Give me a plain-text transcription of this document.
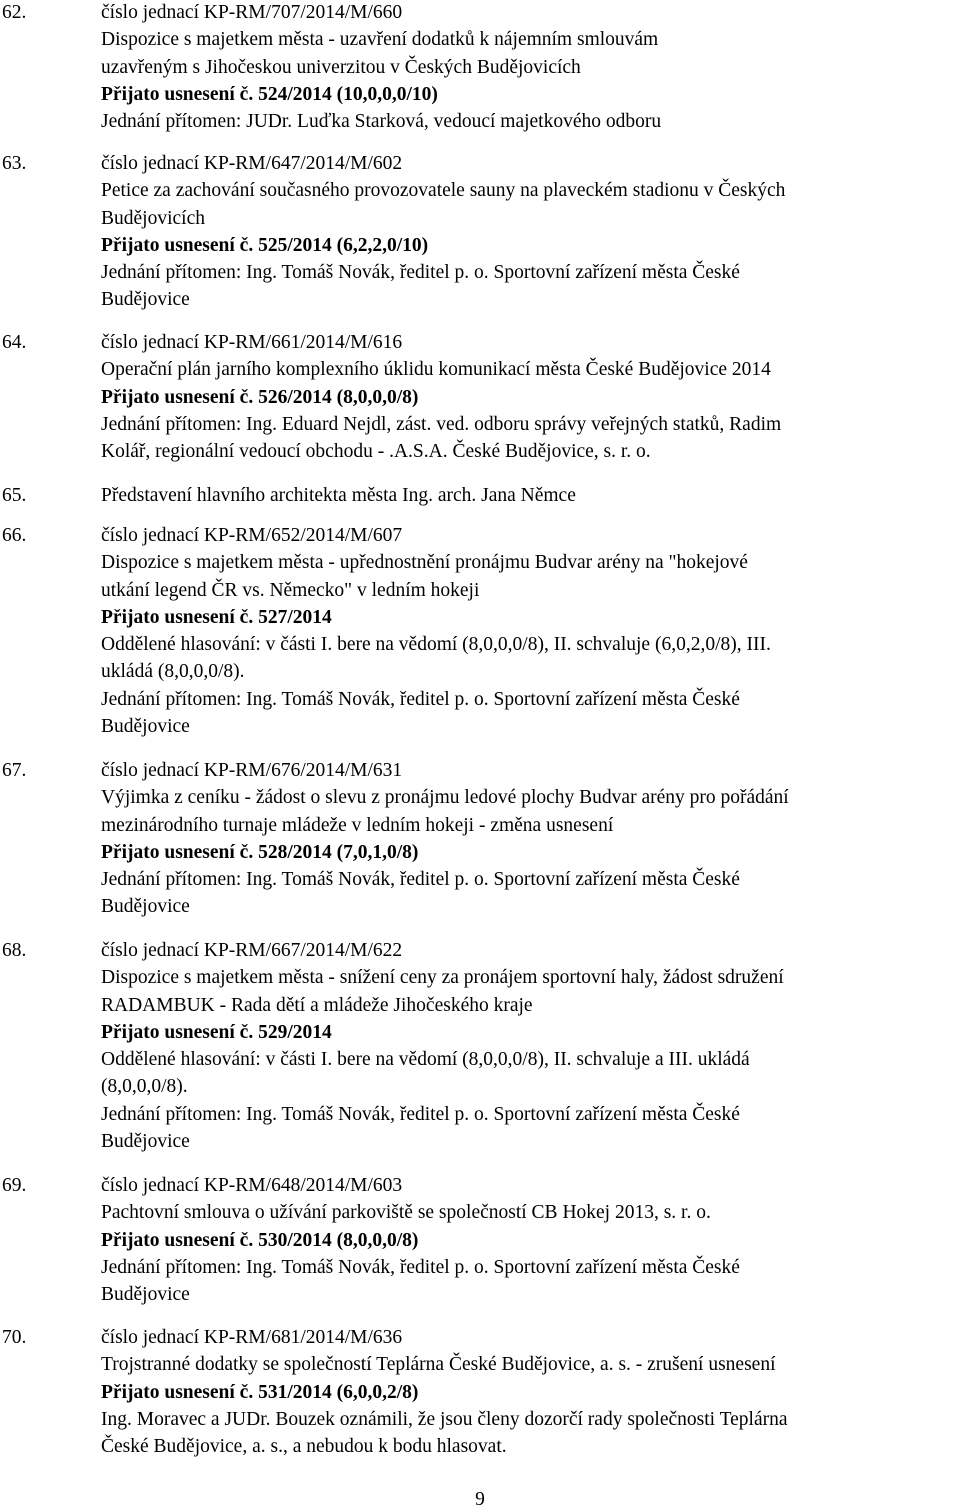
62.	číslo jednací KP-RM/707/2014/M/660
Dispozice s majetkem města - uzavření dodatků k nájemním smlouvám
uzavřeným s Jihočeskou univerzitou v Českých Budějovicích
Přijato usnesení č. 524/2014 (10,0,0,0/10)
Jednání přítomen: JUDr. Luďka Starková, vedoucí majetkového odboru
63.	číslo jednací KP-RM/647/2014/M/602
Petice za zachování současného provozovatele sauny na plaveckém stadionu v Českých
Budějovicích
Přijato usnesení č. 525/2014 (6,2,2,0/10)
Jednání přítomen: Ing. Tomáš Novák, ředitel p. o. Sportovní zařízení města České
Budějovice
64.	číslo jednací KP-RM/661/2014/M/616
Operační plán jarního komplexního úklidu komunikací města České Budějovice 2014
Přijato usnesení č. 526/2014 (8,0,0,0/8)
Jednání přítomen: Ing. Eduard Nejdl, zást. ved. odboru správy veřejných statků, Radim
Kolář, regionální vedoucí obchodu - .A.S.A. České Budějovice, s. r. o.
65.	Představení hlavního architekta města Ing. arch. Jana Němce
66.	číslo jednací KP-RM/652/2014/M/607
Dispozice s majetkem města - upřednostnění pronájmu Budvar arény na "hokejové
utkání legend ČR vs. Německo" v ledním hokeji
Přijato usnesení č. 527/2014
Oddělené hlasování: v části I. bere na vědomí (8,0,0,0/8), II. schvaluje (6,0,2,0/8), III.
ukládá (8,0,0,0/8).
Jednání přítomen: Ing. Tomáš Novák, ředitel p. o. Sportovní zařízení města České
Budějovice
67.	číslo jednací KP-RM/676/2014/M/631
Výjimka z ceníku - žádost o slevu z pronájmu ledové plochy Budvar arény pro pořádání
mezinárodního turnaje mládeže v ledním hokeji - změna usnesení
Přijato usnesení č. 528/2014 (7,0,1,0/8)
Jednání přítomen: Ing. Tomáš Novák, ředitel p. o. Sportovní zařízení města České
Budějovice
68.	číslo jednací KP-RM/667/2014/M/622
Dispozice s majetkem města - snížení ceny za pronájem sportovní haly, žádost sdružení
RADAMBUK - Rada dětí a mládeže Jihočeského kraje
Přijato usnesení č. 529/2014
Oddělené hlasování: v části I. bere na vědomí (8,0,0,0/8), II. schvaluje a III. ukládá
(8,0,0,0/8).
Jednání přítomen: Ing. Tomáš Novák, ředitel p. o. Sportovní zařízení města České
Budějovice
69.	číslo jednací KP-RM/648/2014/M/603
Pachtovní smlouva o užívání parkoviště se společností CB Hokej 2013, s. r. o.
Přijato usnesení č. 530/2014 (8,0,0,0/8)
Jednání přítomen: Ing. Tomáš Novák, ředitel p. o. Sportovní zařízení města České
Budějovice
70.	číslo jednací KP-RM/681/2014/M/636
Trojstranné dodatky se společností Teplárna České Budějovice, a. s. - zrušení usnesení
Přijato usnesení č. 531/2014 (6,0,0,2/8)
Ing. Moravec a JUDr. Bouzek oznámili, že jsou členy dozorčí rady společnosti Teplárna
České Budějovice, a. s., a nebudou k bodu hlasovat.
9
